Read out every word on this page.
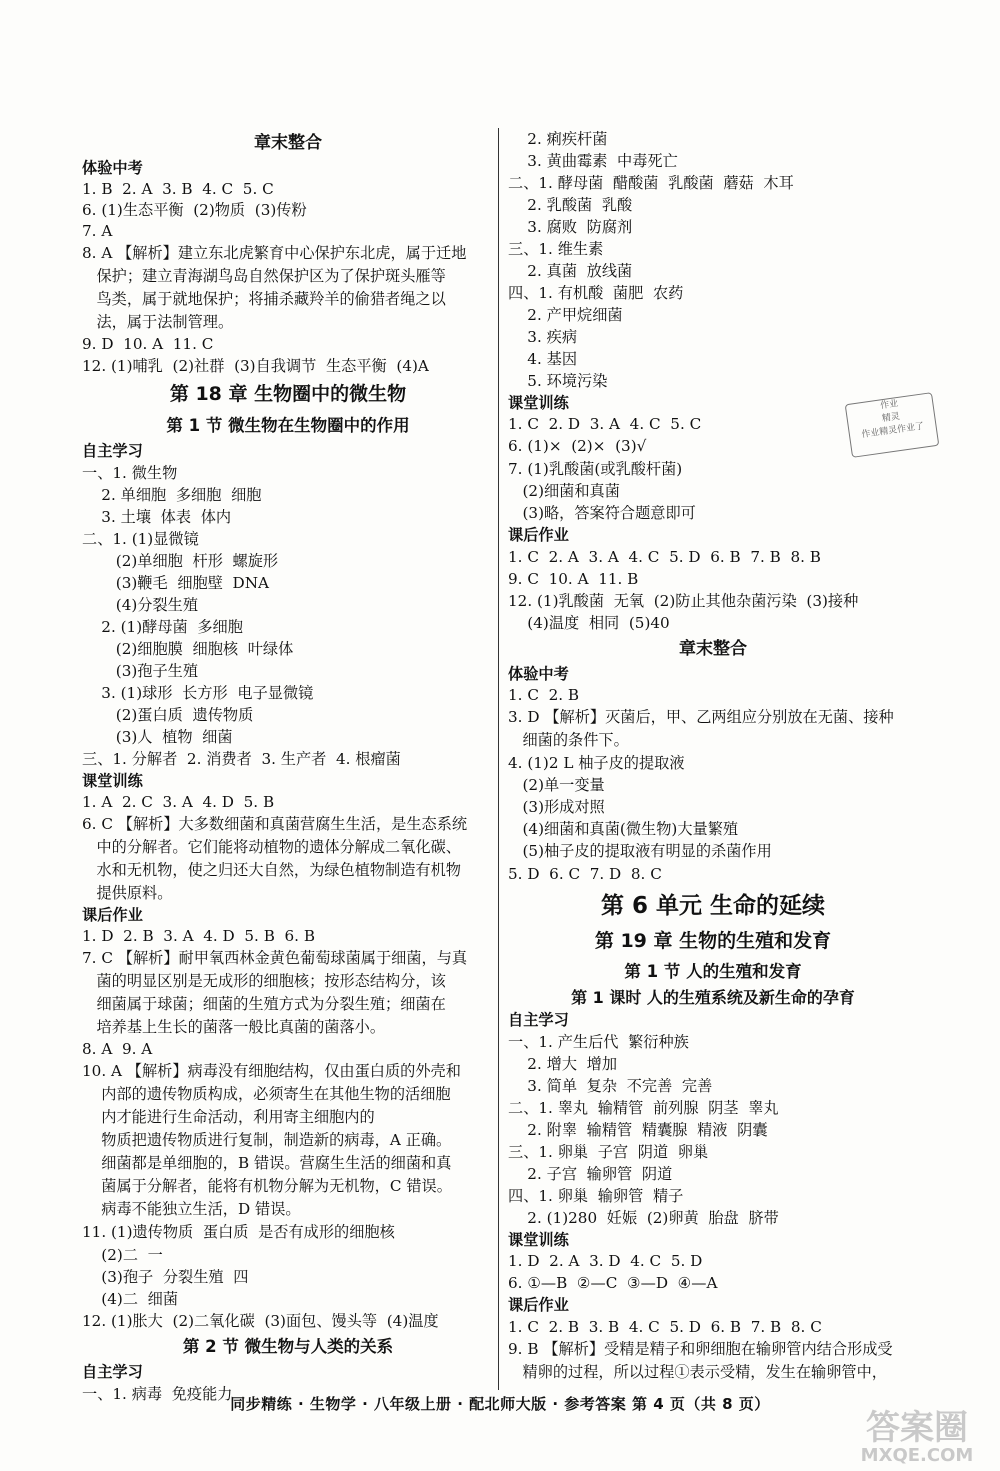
章末整合
体验中考
1. B  2. A  3. B  4. C  5. C
6. (1)生态平衡  (2)物质  (3)传粉
7. A
8. A 【解析】建立东北虎繁育中心保护东北虎，属于迁地
保护；建立青海湖鸟岛自然保护区为了保护斑头雁等
鸟类，属于就地保护；将捕杀藏羚羊的偷猎者绳之以
法，属于法制管理。
9. D  10. A  11. C
12. (1)哺乳  (2)社群  (3)自我调节  生态平衡  (4)A
第 18 章 生物圈中的微生物
第 1 节 微生物在生物圈中的作用
自主学习
一、1. 微生物
2. 单细胞  多细胞  细胞
3. 土壤  体表  体内
二、1. (1)显微镜
(2)单细胞  杆形  螺旋形
(3)鞭毛  细胞壁  DNA
(4)分裂生殖
2. (1)酵母菌  多细胞
(2)细胞膜  细胞核  叶绿体
(3)孢子生殖
3. (1)球形  长方形  电子显微镜
(2)蛋白质  遗传物质
(3)人  植物  细菌
三、1. 分解者  2. 消费者  3. 生产者  4. 根瘤菌
课堂训练
1. A  2. C  3. A  4. D  5. B
6. C 【解析】大多数细菌和真菌营腐生生活，是生态系统
中的分解者。它们能将动植物的遗体分解成二氧化碳、
水和无机物，使之归还大自然，为绿色植物制造有机物
提供原料。
课后作业
1. D  2. B  3. A  4. D  5. B  6. B
7. C 【解析】耐甲氧西林金黄色葡萄球菌属于细菌，与真
菌的明显区别是无成形的细胞核；按形态结构分，该
细菌属于球菌；细菌的生殖方式为分裂生殖；细菌在
培养基上生长的菌落一般比真菌的菌落小。
8. A  9. A
10. A 【解析】病毒没有细胞结构，仅由蛋白质的外壳和
内部的遗传物质构成，必须寄生在其他生物的活细胞
内才能进行生命活动，利用寄主细胞内的
物质把遗传物质进行复制，制造新的病毒，A 正确。
细菌都是单细胞的，B 错误。营腐生生活的细菌和真
菌属于分解者，能将有机物分解为无机物，C 错误。
病毒不能独立生活，D 错误。
11. (1)遗传物质  蛋白质  是否有成形的细胞核
(2)二  一
(3)孢子  分裂生殖  四
(4)二  细菌
12. (1)胀大  (2)二氧化碳  (3)面包、馒头等  (4)温度
第 2 节 微生物与人类的关系
自主学习
一、1. 病毒  免疫能力
2. 痢疾杆菌
3. 黄曲霉素  中毒死亡
二、1. 酵母菌  醋酸菌  乳酸菌  蘑菇  木耳
2. 乳酸菌  乳酸
3. 腐败  防腐剂
三、1. 维生素
2. 真菌  放线菌
四、1. 有机酸  菌肥  农药
2. 产甲烷细菌
3. 疾病
4. 基因
5. 环境污染
课堂训练
1. C  2. D  3. A  4. C  5. C
6. (1)×  (2)×  (3)√
7. (1)乳酸菌(或乳酸杆菌)
(2)细菌和真菌
(3)略，答案符合题意即可
课后作业
1. C  2. A  3. A  4. C  5. D  6. B  7. B  8. B
9. C  10. A  11. B
12. (1)乳酸菌  无氧  (2)防止其他杂菌污染  (3)接种
(4)温度  相同  (5)40
章末整合
体验中考
1. C  2. B
3. D 【解析】灭菌后，甲、乙两组应分别放在无菌、接种
细菌的条件下。
4. (1)2 L 柚子皮的提取液
(2)单一变量
(3)形成对照
(4)细菌和真菌(微生物)大量繁殖
(5)柚子皮的提取液有明显的杀菌作用
5. D  6. C  7. D  8. C
第 6 单元 生命的延续
第 19 章 生物的生殖和发育
第 1 节 人的生殖和发育
第 1 课时 人的生殖系统及新生命的孕育
自主学习
一、1. 产生后代  繁衍种族
2. 增大  增加
3. 简单  复杂  不完善  完善
二、1. 睾丸  输精管  前列腺  阴茎  睾丸
2. 附睾  输精管  精囊腺  精液  阴囊
三、1. 卵巢  子宫  阴道  卵巢
2. 子宫  输卵管  阴道
四、1. 卵巢  输卵管  精子
2. (1)280  妊娠  (2)卵黄  胎盘  脐带
课堂训练
1. D  2. A  3. D  4. C  5. D
6. ①—B  ②—C  ③—D  ④—A
课后作业
1. C  2. B  3. B  4. C  5. D  6. B  7. B  8. C
9. B 【解析】受精是精子和卵细胞在输卵管内结合形成受
精卵的过程，所以过程①表示受精，发生在输卵管中，
作业
精灵
作业精灵作业了
同步精练 · 生物学 · 八年级上册 · 配北师大版 · 参考答案 第 4 页（共 8 页）
答案圈
MXQE.COM
